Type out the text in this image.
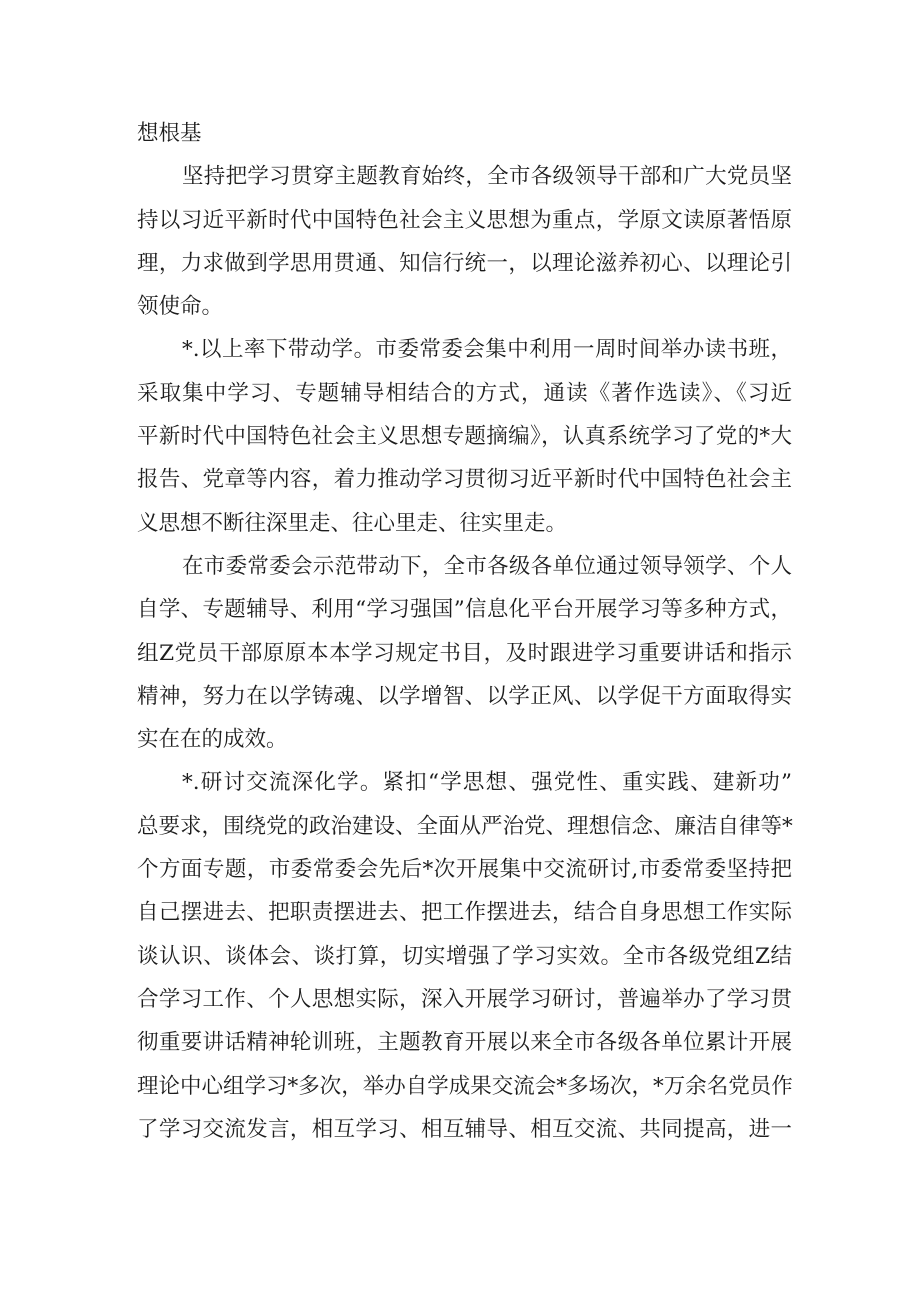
想根基
坚持把学习贯穿主题教育始终，全市各级领导干部和广大党员坚
持以习近平新时代中国特色社会主义思想为重点，学原文读原著悟原
理，力求做到学思用贯通、知信行统一，以理论滋养初心、以理论引
领使命。
*.以上率下带动学。市委常委会集中利用一周时间举办读书班，
采取集中学习、专题辅导相结合的方式，通读《著作选读》、《习近
平新时代中国特色社会主义思想专题摘编》，认真系统学习了党的*大
报告、党章等内容，着力推动学习贯彻习近平新时代中国特色社会主
义思想不断往深里走、往心里走、往实里走。
在市委常委会示范带动下，全市各级各单位通过领导领学、个人
自学、专题辅导、利用“学习强国”信息化平台开展学习等多种方式，
组Z党员干部原原本本学习规定书目，及时跟进学习重要讲话和指示
精神，努力在以学铸魂、以学增智、以学正风、以学促干方面取得实
实在在的成效。
*.研讨交流深化学。紧扣“学思想、强党性、重实践、建新功”
总要求，围绕党的政治建设、全面从严治党、理想信念、廉洁自律等*
个方面专题，市委常委会先后*次开展集中交流研讨,市委常委坚持把
自己摆进去、把职责摆进去、把工作摆进去，结合自身思想工作实际
谈认识、谈体会、谈打算，切实增强了学习实效。全市各级党组Z结
合学习工作、个人思想实际，深入开展学习研讨，普遍举办了学习贯
彻重要讲话精神轮训班，主题教育开展以来全市各级各单位累计开展
理论中心组学习*多次，举办自学成果交流会*多场次，*万余名党员作
了学习交流发言，相互学习、相互辅导、相互交流、共同提高，进一
